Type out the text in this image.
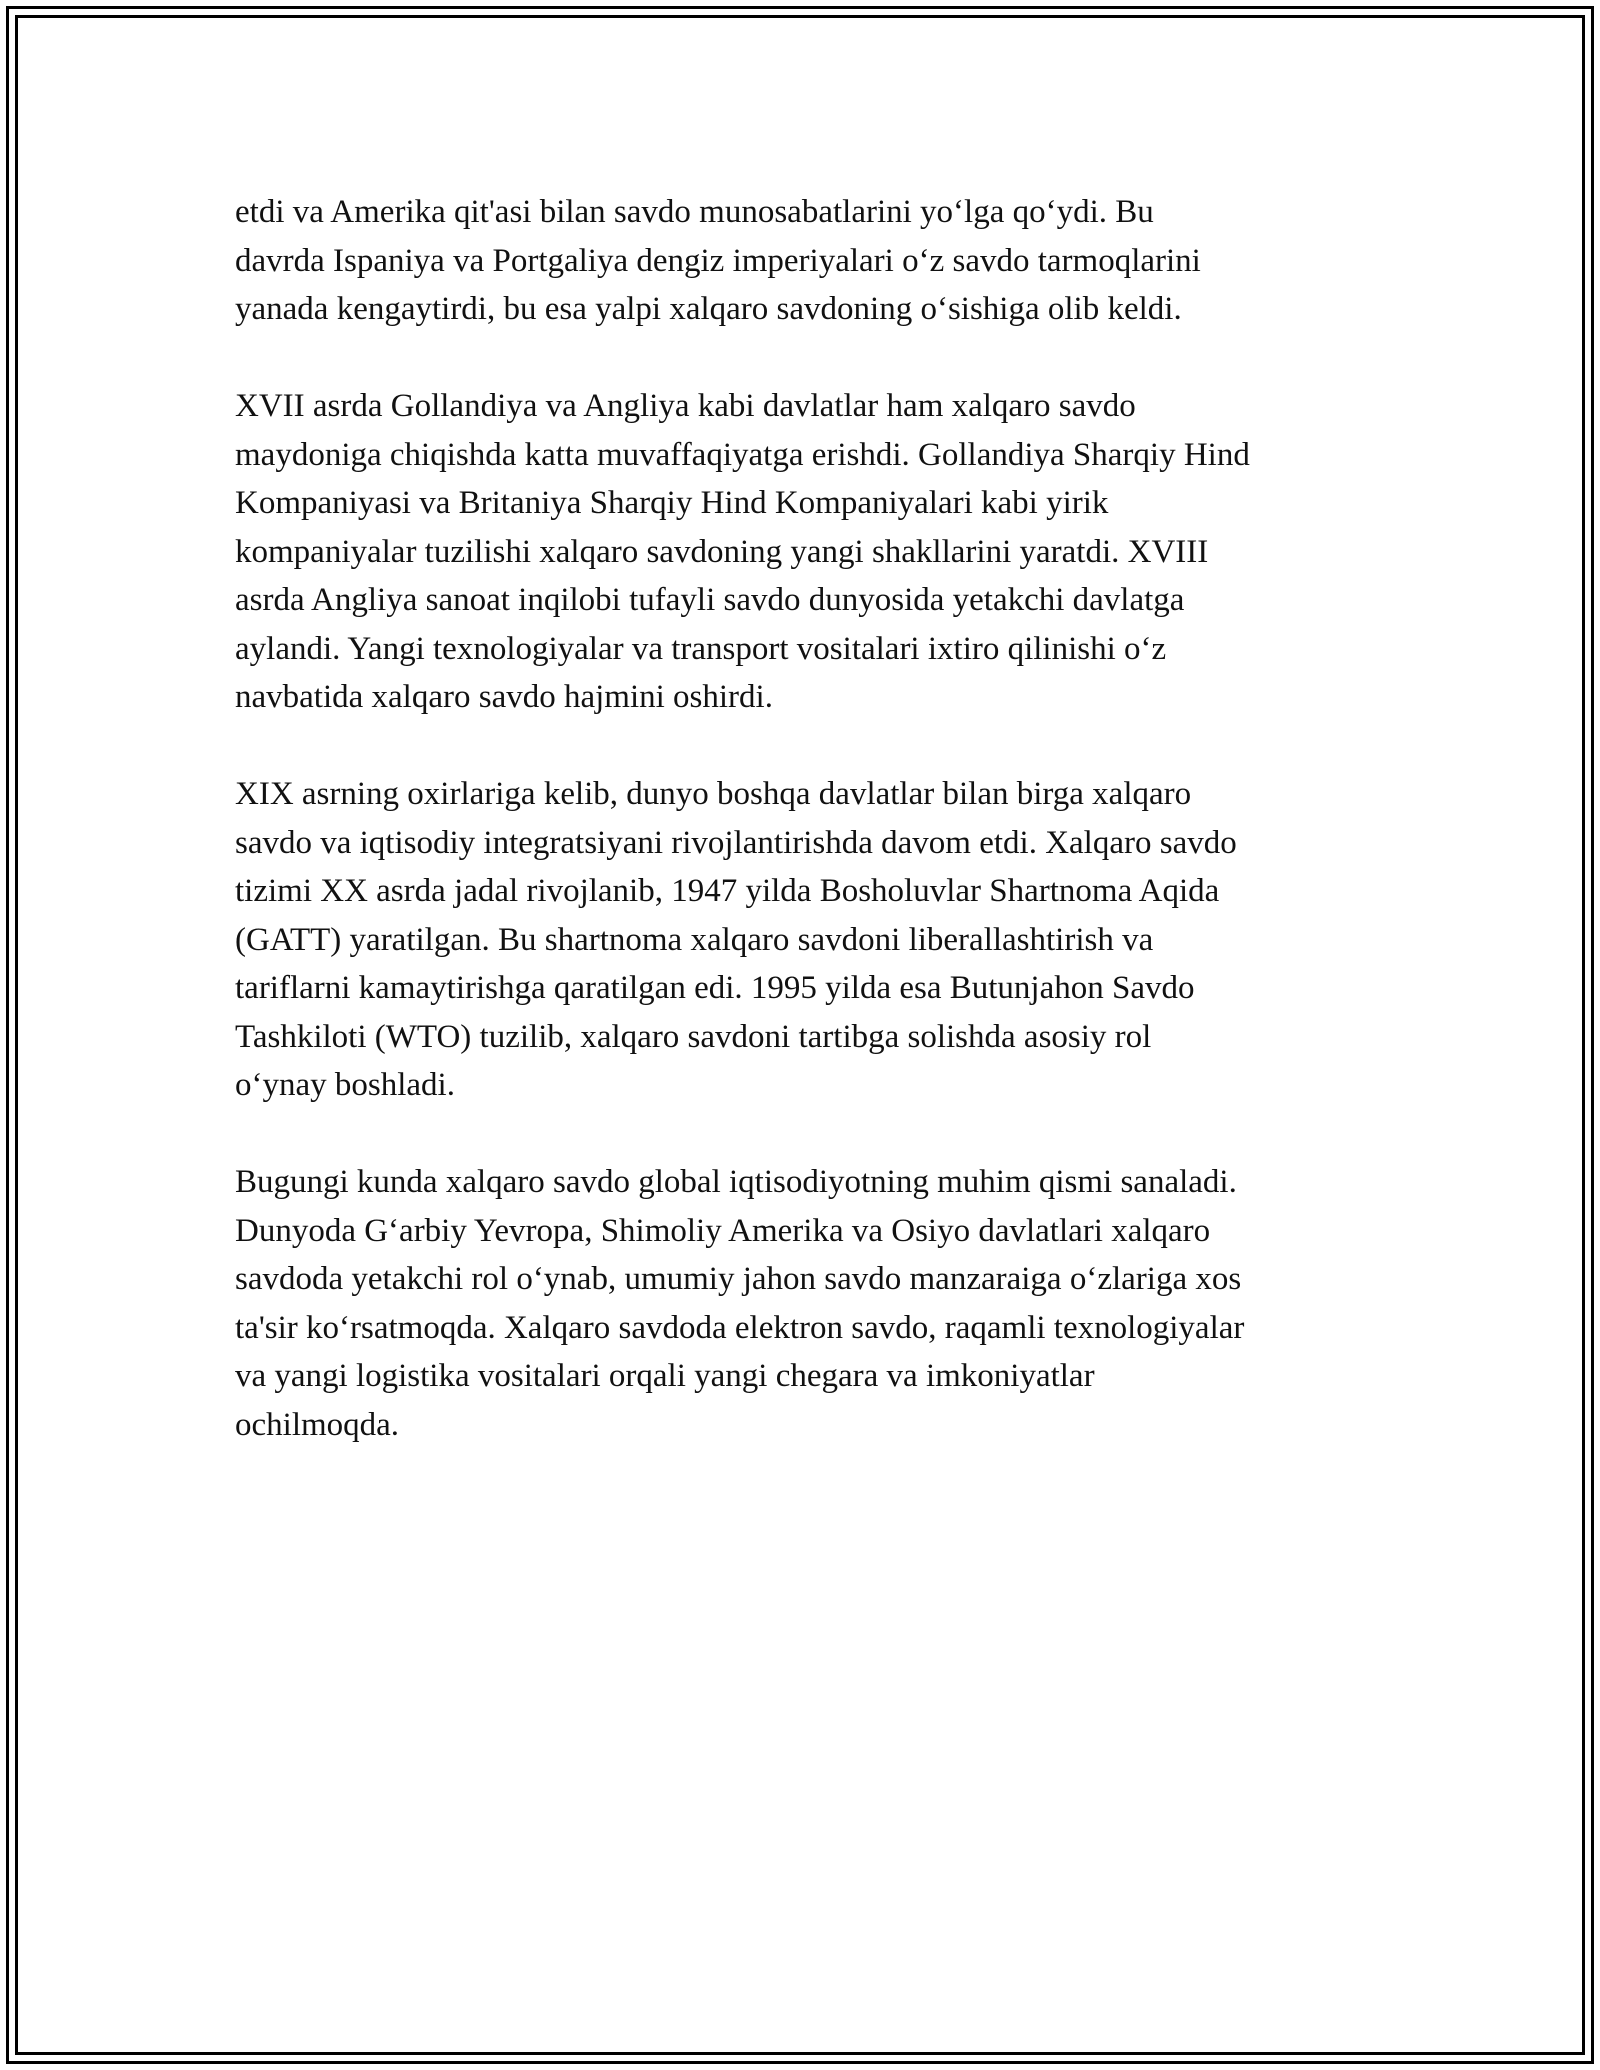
etdi va Amerika qit'asi bilan savdo munosabatlarini yo‘lga qo‘ydi. Bu
davrda Ispaniya va Portgaliya dengiz imperiyalari o‘z savdo tarmoqlarini
yanada kengaytirdi, bu esa yalpi xalqaro savdoning o‘sishiga olib keldi.

XVII asrda Gollandiya va Angliya kabi davlatlar ham xalqaro savdo
maydoniga chiqishda katta muvaffaqiyatga erishdi. Gollandiya Sharqiy Hind
Kompaniyasi va Britaniya Sharqiy Hind Kompaniyalari kabi yirik
kompaniyalar tuzilishi xalqaro savdoning yangi shakllarini yaratdi. XVIII
asrda Angliya sanoat inqilobi tufayli savdo dunyosida yetakchi davlatga
aylandi. Yangi texnologiyalar va transport vositalari ixtiro qilinishi o‘z
navbatida xalqaro savdo hajmini oshirdi.

XIX asrning oxirlariga kelib, dunyo boshqa davlatlar bilan birga xalqaro
savdo va iqtisodiy integratsiyani rivojlantirishda davom etdi. Xalqaro savdo
tizimi XX asrda jadal rivojlanib, 1947 yilda Bosholuvlar Shartnoma Aqida
(GATT) yaratilgan. Bu shartnoma xalqaro savdoni liberallashtirish va
tariflarni kamaytirishga qaratilgan edi. 1995 yilda esa Butunjahon Savdo
Tashkiloti (WTO) tuzilib, xalqaro savdoni tartibga solishda asosiy rol
o‘ynay boshladi.

Bugungi kunda xalqaro savdo global iqtisodiyotning muhim qismi sanaladi.
Dunyoda G‘arbiy Yevropa, Shimoliy Amerika va Osiyo davlatlari xalqaro
savdoda yetakchi rol o‘ynab, umumiy jahon savdo manzaraiga o‘zlariga xos
ta'sir ko‘rsatmoqda. Xalqaro savdoda elektron savdo, raqamli texnologiyalar
va yangi logistika vositalari orqali yangi chegara va imkoniyatlar
ochilmoqda.
